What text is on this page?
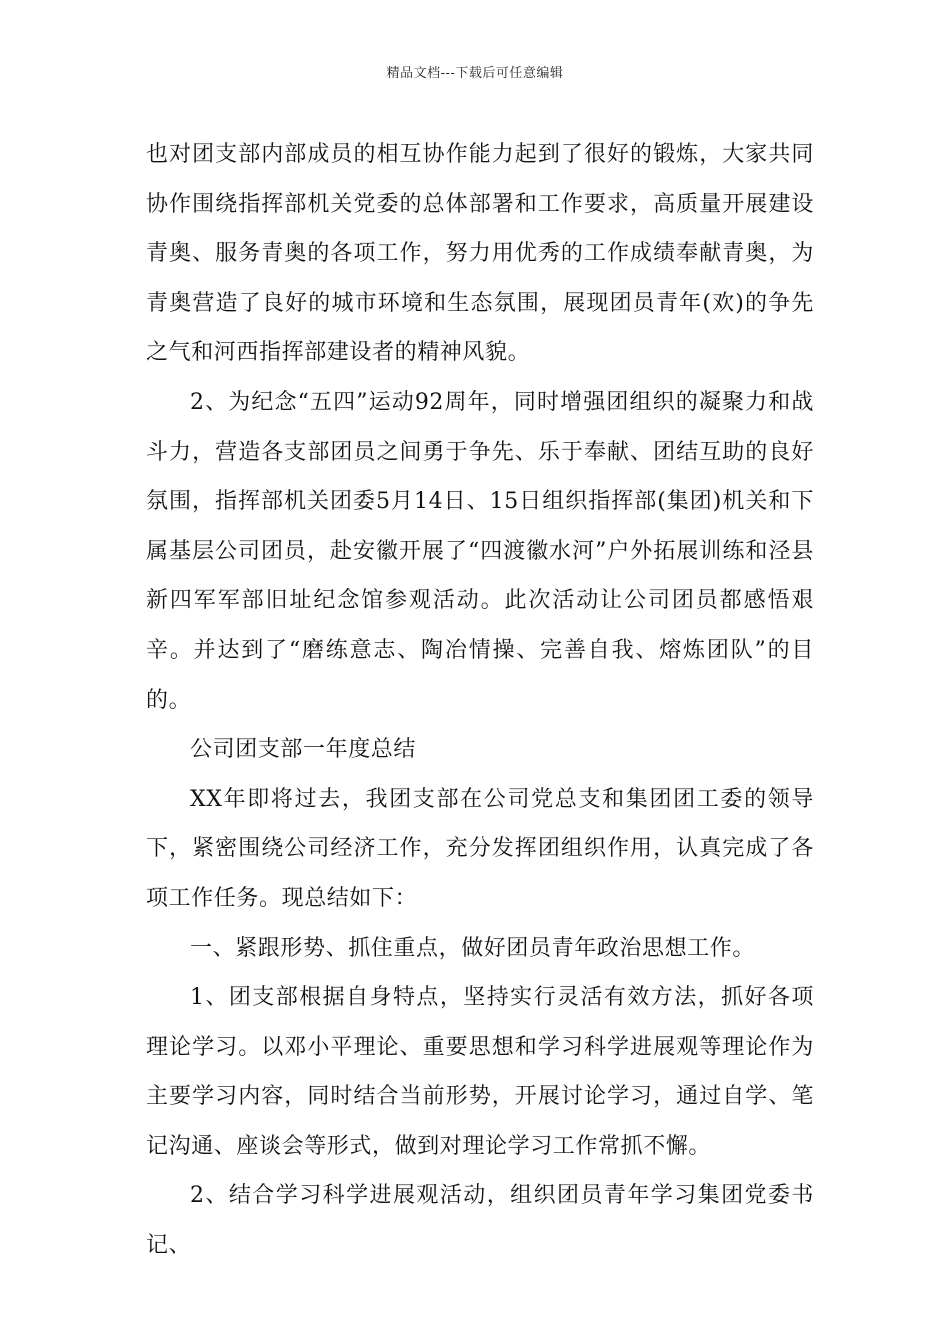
精品文档---下载后可任意编辑

也对团支部内部成员的相互协作能力起到了很好的锻炼，大家共同协作围绕指挥部机关党委的总体部署和工作要求，高质量开展建设青奥、服务青奥的各项工作，努力用优秀的工作成绩奉献青奥，为青奥营造了良好的城市环境和生态氛围，展现团员青年(欢)的争先之气和河西指挥部建设者的精神风貌。

2、为纪念“五四”运动92周年，同时增强团组织的凝聚力和战斗力，营造各支部团员之间勇于争先、乐于奉献、团结互助的良好氛围，指挥部机关团委5月14日、15日组织指挥部(集团)机关和下属基层公司团员，赴安徽开展了“四渡徽水河”户外拓展训练和泾县新四军军部旧址纪念馆参观活动。此次活动让公司团员都感悟艰辛。并达到了“磨练意志、陶冶情操、完善自我、熔炼团队”的目的。

公司团支部一年度总结

XX年即将过去，我团支部在公司党总支和集团团工委的领导下，紧密围绕公司经济工作，充分发挥团组织作用，认真完成了各项工作任务。现总结如下：

一、紧跟形势、抓住重点，做好团员青年政治思想工作。

1、团支部根据自身特点，坚持实行灵活有效方法，抓好各项理论学习。以邓小平理论、重要思想和学习科学进展观等理论作为主要学习内容，同时结合当前形势，开展讨论学习，通过自学、笔记沟通、座谈会等形式，做到对理论学习工作常抓不懈。

2、结合学习科学进展观活动，组织团员青年学习集团党委书记、
